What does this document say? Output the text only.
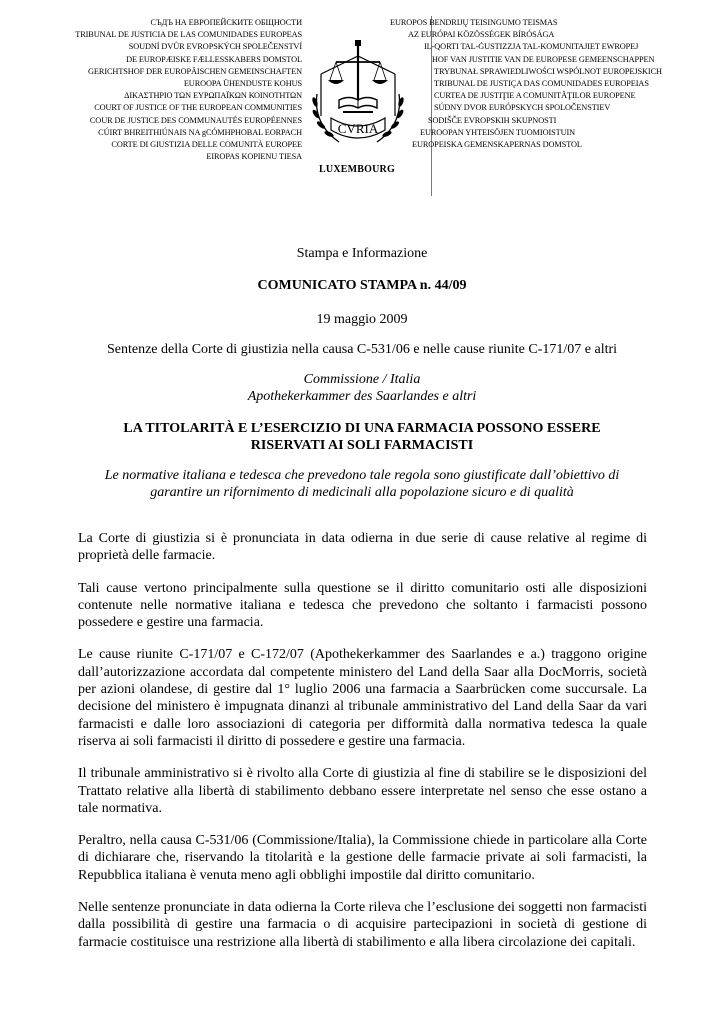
СЪДЪ НА ЕВРОПЕЙСКИТЕ ОБЩНОСТИ
TRIBUNAL DE JUSTICIA DE LAS COMUNIDADES EUROPEAS
SOUDNÍ DVŮR EVROPSKÝCH SPOLEČENSTVÍ
DE EUROPÆISKE FÆLLESSKABERS DOMSTOL
GERICHTSHOF DER EUROPÄISCHEN GEMEINSCHAFTEN
EUROOPA ÜHENDUSTE KOHUS
ΔΙΚΑΣΤΗΡΙΟ ΤΩΝ ΕΥΡΩΠΑΪΚΩΝ ΚΟΙΝΟΤΗΤΩΝ
COURT OF JUSTICE OF THE EUROPEAN COMMUNITIES
COUR DE JUSTICE DES COMMUNAUTÉS EUROPÉENNES
CÚIRT BHREITHIÚNAIS NA gCÓMHPHOBAL EORPACH
CORTE DI GIUSTIZIA DELLE COMUNITÀ EUROPEE
EIROPAS KOPIENU TIESA
CVRIA
LUXEMBOURG
EUROPOS BENDRIJŲ TEISINGUMO TEISMAS
AZ EURÓPAI KÖZÖSSÉGEK BÍRÓSÁGA
IL-QORTI TAL-ĠUSTIZZJA TAL-KOMUNITAJIET EWROPEJ
HOF VAN JUSTITIE VAN DE EUROPESE GEMEENSCHAPPEN
TRYBUNAŁ SPRAWIEDLIWOŚCI WSPÓLNOT EUROPEJSKICH
TRIBUNAL DE JUSTIÇA DAS COMUNIDADES EUROPEIAS
CURTEA DE JUSTIŢIE A COMUNITĂŢILOR EUROPENE
SÚDNY DVOR EURÓPSKYCH SPOLOČENSTIEV
SODIŠČE EVROPSKIH SKUPNOSTI
EUROOPAN YHTEISÖJEN TUOMIOISTUIN
EUROPEISKA GEMENSKAPERNAS DOMSTOL
Stampa e Informazione
COMUNICATO STAMPA n. 44/09
19 maggio 2009
Sentenze della Corte di giustizia nella causa C-531/06 e nelle cause riunite C-171/07 e altri
Commissione / Italia
Apothekerkammer des Saarlandes e altri
LA TITOLARITÀ E L’ESERCIZIO DI UNA FARMACIA POSSONO ESSERE
RISERVATI AI SOLI FARMACISTI
Le normative italiana e tedesca che prevedono tale regola sono giustificate dall’obiettivo di
garantire un rifornimento di medicinali alla popolazione sicuro e di qualità

La Corte di giustizia si è pronunciata in data odierna in due serie di cause relative al regime di proprietà delle farmacie.

Tali cause vertono principalmente sulla questione se il diritto comunitario osti alle disposizioni contenute nelle normative italiana e tedesca che prevedono che soltanto i farmacisti possono possedere e gestire una farmacia.

Le cause riunite C-171/07 e C-172/07 (Apothekerkammer des Saarlandes e a.) traggono origine dall’autorizzazione accordata dal competente ministero del Land della Saar alla DocMorris, società per azioni olandese, di gestire dal 1° luglio 2006 una farmacia a Saarbrücken come succursale. La decisione del ministero è impugnata dinanzi al tribunale amministrativo del Land della Saar da vari farmacisti e dalle loro associazioni di categoria per difformità dalla normativa tedesca la quale riserva ai soli farmacisti il diritto di possedere e gestire una farmacia.

Il tribunale amministrativo si è rivolto alla Corte di giustizia al fine di stabilire se le disposizioni del Trattato relative alla libertà di stabilimento debbano essere interpretate nel senso che esse ostano a tale normativa.

Peraltro, nella causa C-531/06 (Commissione/Italia), la Commissione chiede in particolare alla Corte di dichiarare che, riservando la titolarità e la gestione delle farmacie private ai soli farmacisti, la Repubblica italiana è venuta meno agli obblighi impostile dal diritto comunitario.

Nelle sentenze pronunciate in data odierna la Corte rileva che l’esclusione dei soggetti non farmacisti dalla possibilità di gestire una farmacia o di acquisire partecipazioni in società di gestione di farmacie costituisce una restrizione alla libertà di stabilimento e alla libera circolazione dei capitali.
